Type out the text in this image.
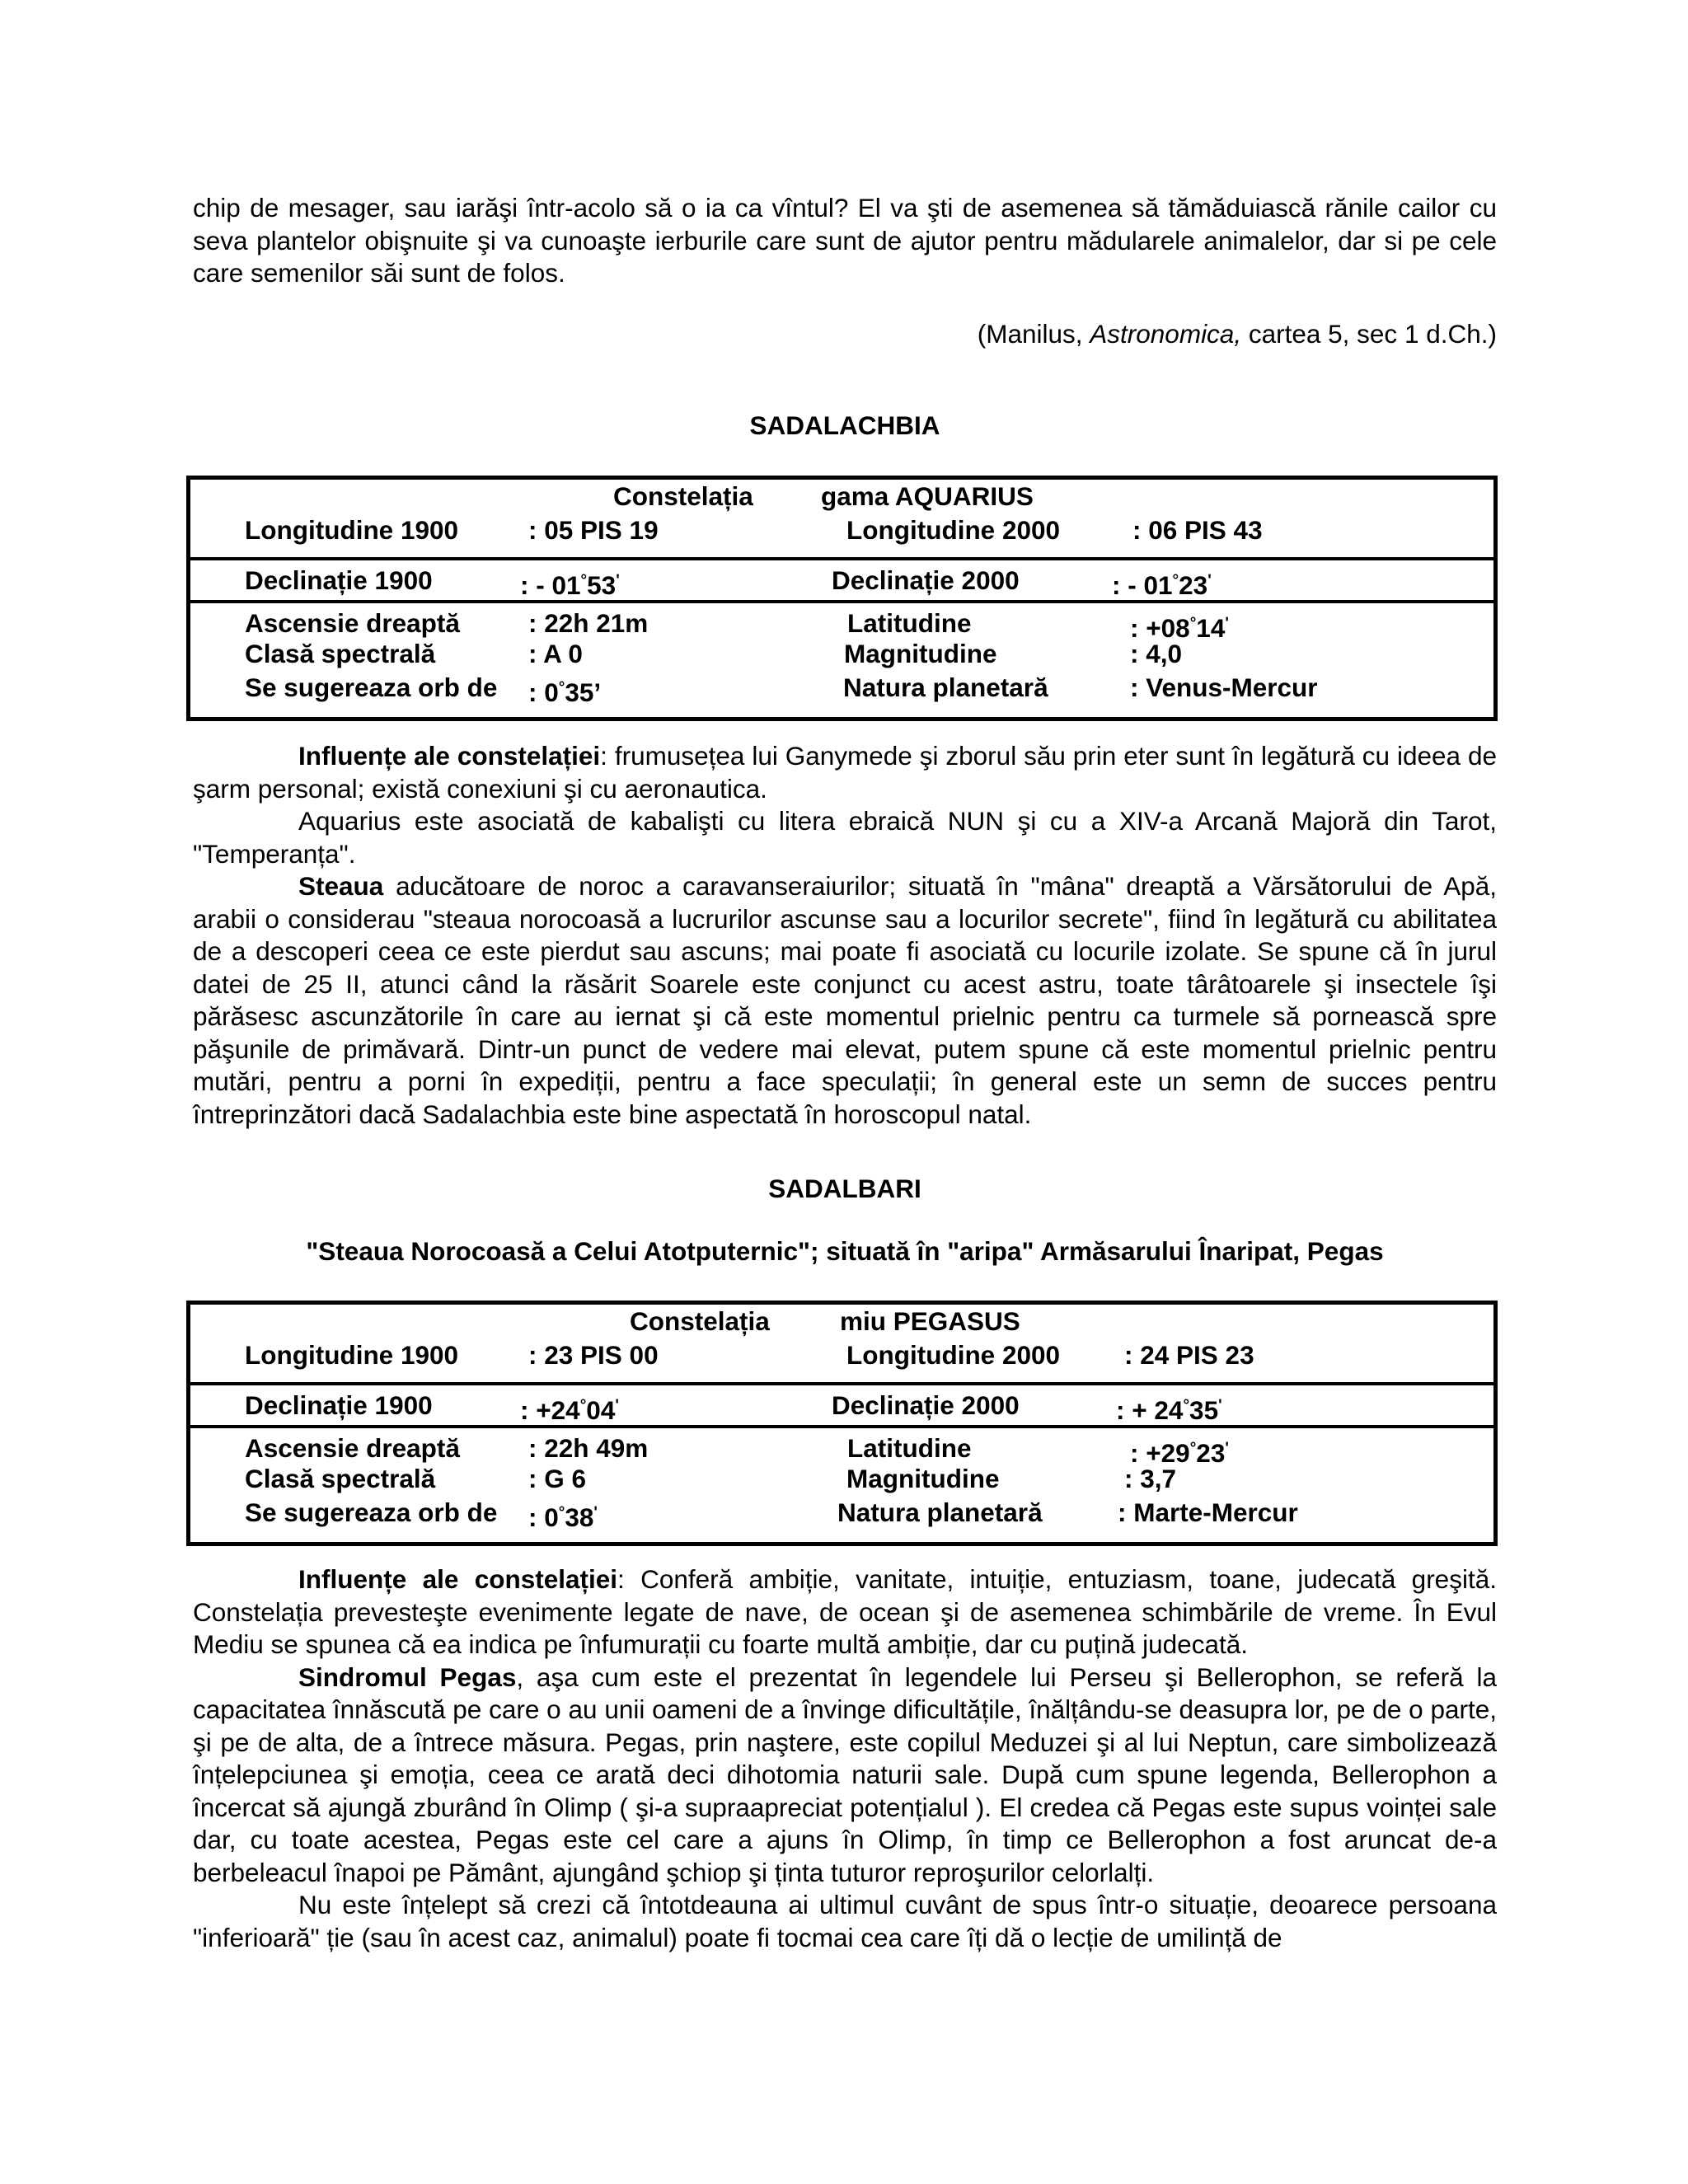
chip de mesager, sau iarăşi într-acolo să o ia ca vîntul? El va şti de asemenea să tămăduiască rănile cailor cu seva plantelor obişnuite şi va cunoaşte ierburile care sunt de ajutor pentru mădularele animalelor, dar si pe cele care semenilor săi sunt de folos.

(Manilus, Astronomica, cartea 5, sec 1 d.Ch.)
SADALACHBIA
Constelația	gama AQUARIUS
Longitudine 1900	: 05 PIS 19	Longitudine 2000	: 06 PIS 43
Declinație 1900	: - $01^\circ 53^ʹ$	Declinație 2000	: - $01^\circ 23^ʹ$
Ascensie dreaptă	: 22h 21m	Latitudine	: $+08^\circ 14^ʹ$
Clasă spectrală	: A 0	Magnitudine	: 4,0
Se sugereaza orb de : 0°35’	Natura planetară	: Venus-Mercur

Influențe ale constelației: frumusețea lui Ganymede şi zborul său prin eter sunt în legătură cu ideea de şarm personal; există conexiuni şi cu aeronautica.

Aquarius este asociată de kabalişti cu litera ebraică NUN şi cu a XIV-a Arcană Majoră din Tarot, "Temperanța".

Steaua aducătoare de noroc a caravanseraiurilor; situată în "mâna" dreaptă a Vărsătorului de Apă, arabii o considerau "steaua norocoasă a lucrurilor ascunse sau a locurilor secrete", fiind în legătură cu abilitatea de a descoperi ceea ce este pierdut sau ascuns; mai poate fi asociată cu locurile izolate. Se spune că în jurul datei de 25 II, atunci când la răsărit Soarele este conjunct cu acest astru, toate târâtoarele şi insectele îşi părăsesc ascunzătorile în care au iernat şi că este momentul prielnic pentru ca turmele să pornească spre păşunile de primăvară. Dintr-un punct de vedere mai elevat, putem spune că este momentul prielnic pentru mutări, pentru a porni în expediții, pentru a face speculații; în general este un semn de succes pentru întreprinzători dacă Sadalachbia este bine aspectată în horoscopul natal.

SADALBARI
"Steaua Norocoasă a Celui Atotputernic"; situată în "aripa" Armăsarului Înaripat, Pegas
Constelația	miu PEGASUS
Longitudine 1900	: 23 PIS 00	Longitudine 2000 : 24 PIS 23
Declinație 1900	: $+24^\circ 04^ʹ$	Declinație 2000	: + $24^\circ 35^ʹ$
Ascensie dreaptă	: 22h 49m	Latitudine	: $+29^\circ 23^ʹ$
Clasă spectrală	: G 6	Magnitudine	: 3,7
Se sugereaza orb de : $0^\circ 38^ʹ$	Natura planetară	: Marte-Mercur

Influențe ale constelației: Conferă ambiție, vanitate, intuiție, entuziasm, toane, judecată greşită. Constelația prevesteşte evenimente legate de nave, de ocean şi de asemenea schimbările de vreme. În Evul Mediu se spunea că ea indica pe înfumurații cu foarte multă ambiție, dar cu puțină judecată.

Sindromul Pegas, aşa cum este el prezentat în legendele lui Perseu şi Bellerophon, se referă la capacitatea înnăscută pe care o au unii oameni de a învinge dificultățile, înălțându-se deasupra lor, pe de o parte, şi pe de alta, de a întrece măsura. Pegas, prin naştere, este copilul Meduzei şi al lui Neptun, care simbolizează înțelepciunea şi emoția, ceea ce arată deci dihotomia naturii sale. După cum spune legenda, Bellerophon a încercat să ajungă zburând în Olimp ( şi-a supraapreciat potențialul ). El credea că Pegas este supus voinței sale dar, cu toate acestea, Pegas este cel care a ajuns în Olimp, în timp ce Bellerophon a fost aruncat de-a berbeleacul înapoi pe Pământ, ajungând şchiop şi ținta tuturor reproşurilor celorlalți.

Nu este înțelept să crezi că întotdeauna ai ultimul cuvânt de spus într-o situație, deoarece persoana "inferioară" ție (sau în acest caz, animalul) poate fi tocmai cea care îți dă o lecție de umilință de
